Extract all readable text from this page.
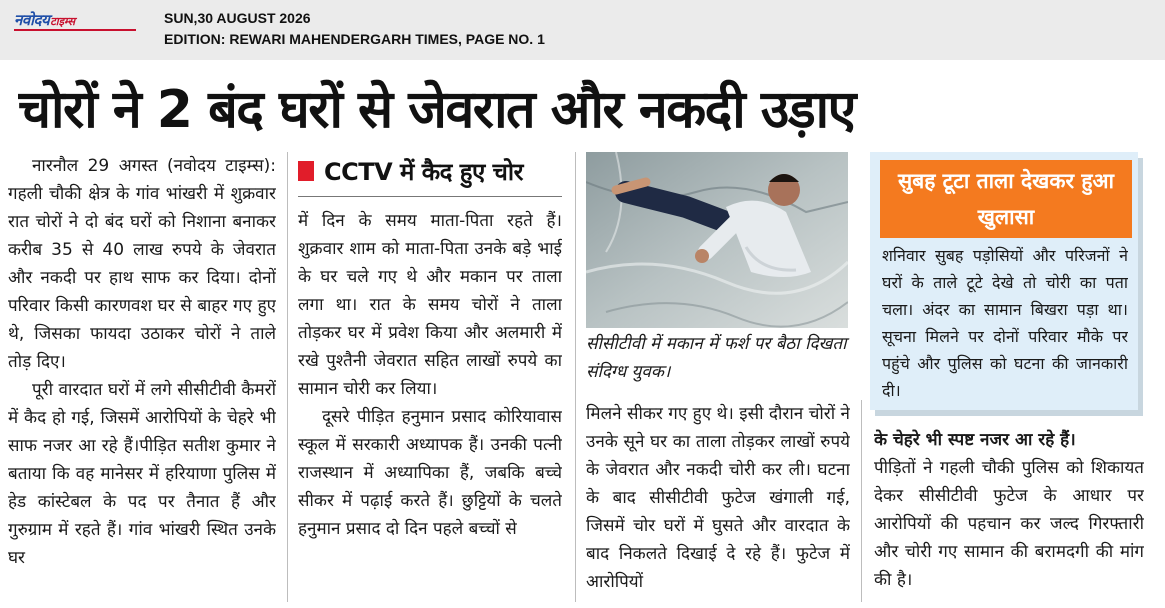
नवोदय टाइम्स	SUN,30 AUGUST 2026
EDITION: REWARI MAHENDERGARH TIMES, PAGE NO. 1
चोरों ने 2 बंद घरों से जेवरात और नकदी उड़ाए

नारनौल 29 अगस्त (नवोदय टाइम्स): गहली चौकी क्षेत्र के गांव भांखरी में शुक्रवार रात चोरों ने दो बंद घरों को निशाना बनाकर करीब 35 से 40 लाख रुपये के जेवरात और नकदी पर हाथ साफ कर दिया। दोनों परिवार किसी कारणवश घर से बाहर गए हुए थे, जिसका फायदा उठाकर चोरों ने ताले तोड़ दिए।

पूरी वारदात घरों में लगे सीसीटीवी कैमरों में कैद हो गई, जिसमें आरोपियों के चेहरे भी साफ नजर आ रहे हैं।पीड़ित सतीश कुमार ने बताया कि वह मानेसर में हरियाणा पुलिस में हेड कांस्टेबल के पद पर तैनात हैं और गुरुग्राम में रहते हैं। गांव भांखरी स्थित उनके घर

CCTV में कैद हुए चोर

में दिन के समय माता-पिता रहते हैं। शुक्रवार शाम को माता-पिता उनके बड़े भाई के घर चले गए थे और मकान पर ताला लगा था। रात के समय चोरों ने ताला तोड़कर घर में प्रवेश किया और अलमारी में रखे पुश्तैनी जेवरात सहित लाखों रुपये का सामान चोरी कर लिया।

दूसरे पीड़ित हनुमान प्रसाद कोरियावास स्कूल में सरकारी अध्यापक हैं। उनकी पत्नी राजस्थान में अध्यापिका हैं, जबकि बच्चे सीकर में पढ़ाई करते हैं। छुट्टियों के चलते हनुमान प्रसाद दो दिन पहले बच्चों से

सीसीटीवी में मकान में फर्श पर बैठा दिखता संदिग्ध युवक।

मिलने सीकर गए हुए थे। इसी दौरान चोरों ने उनके सूने घर का ताला तोड़कर लाखों रुपये के जेवरात और नकदी चोरी कर ली। घटना के बाद सीसीटीवी फुटेज खंगाली गई, जिसमें चोर घरों में घुसते और वारदात के बाद निकलते दिखाई दे रहे हैं। फुटेज में आरोपियों

सुबह टूटा ताला देखकर हुआ खुलासा
शनिवार सुबह पड़ोसियों और परिजनों ने घरों के ताले टूटे देखे तो चोरी का पता चला। अंदर का सामान बिखरा पड़ा था। सूचना मिलने पर दोनों परिवार मौके पर पहुंचे और पुलिस को घटना की जानकारी दी।

के चेहरे भी स्पष्ट नजर आ रहे हैं।

पीड़ितों ने गहली चौकी पुलिस को शिकायत देकर सीसीटीवी फुटेज के आधार पर आरोपियों की पहचान कर जल्द गिरफ्तारी और चोरी गए सामान की बरामदगी की मांग की है।
